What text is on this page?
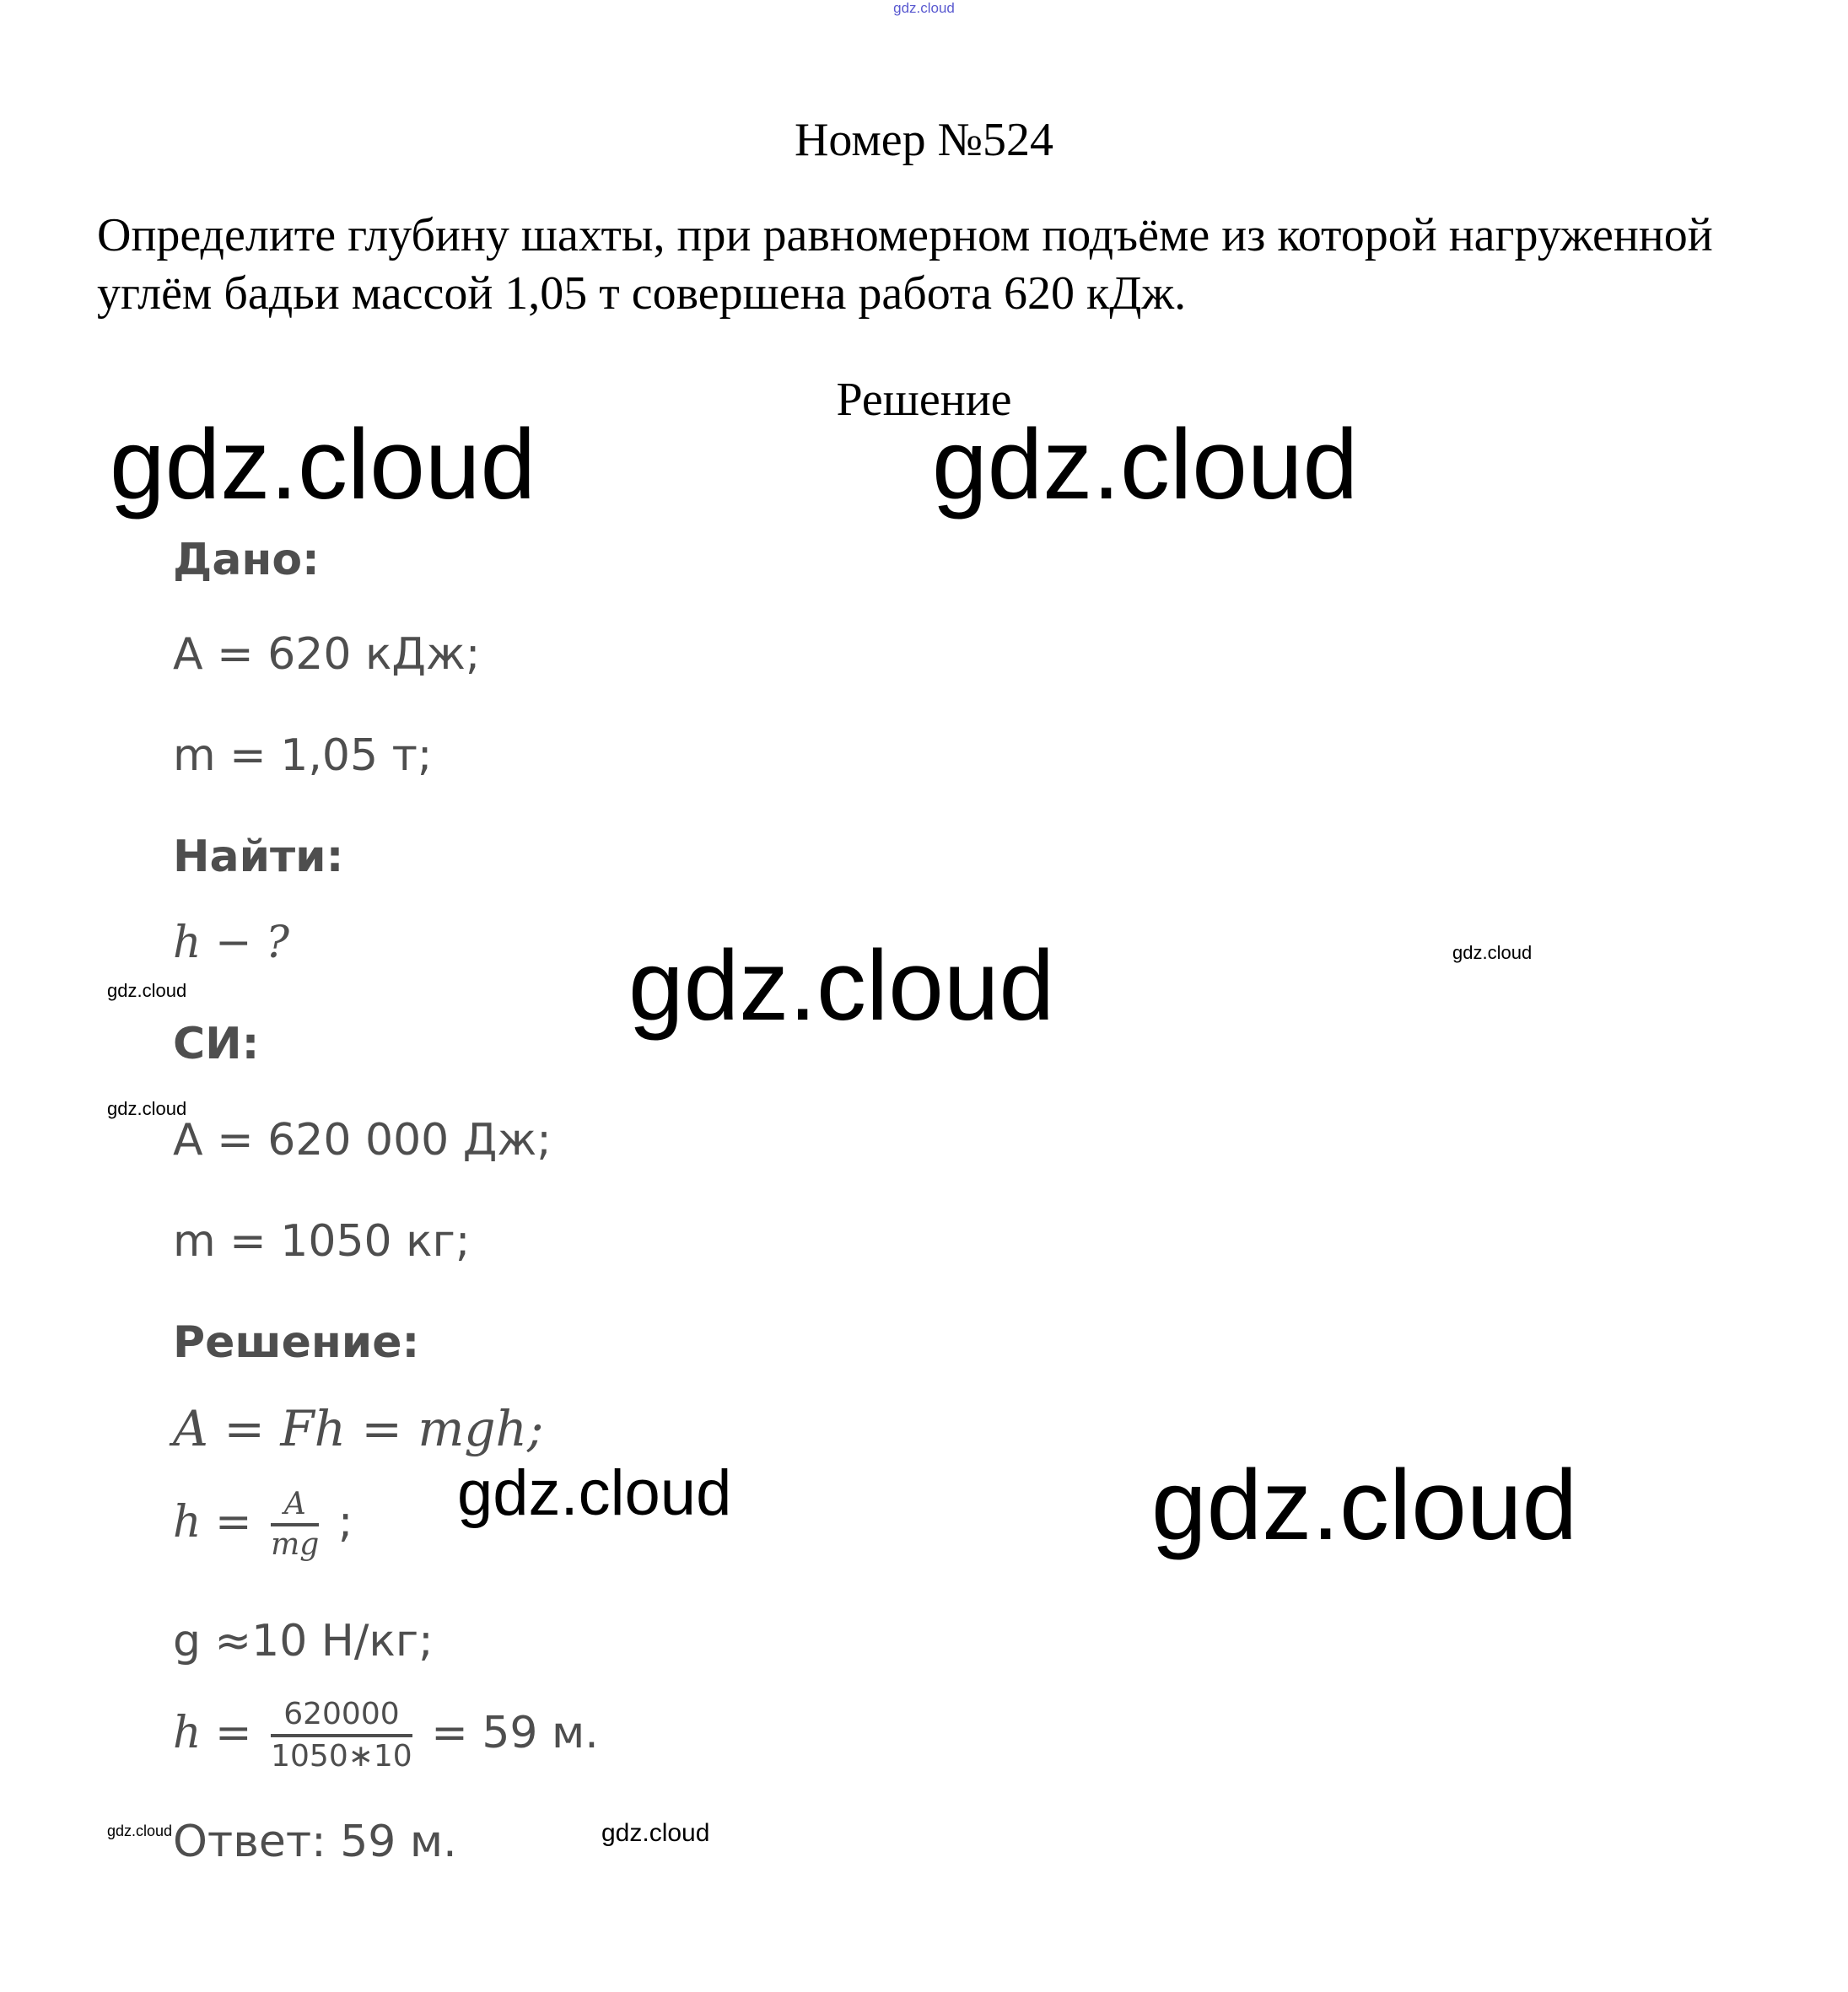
gdz.cloud
Номер №524
Определите глубину шахты, при равномерном подъёме из которой нагруженной углём бадьи массой 1,05 т совершена работа 620 кДж.
Решение
Дано:
A = 620 кДж;
m = 1,05 т;
Найти:
h − ?
СИ:
A = 620 000 Дж;
m = 1050 кг;
Решение:
A = Fh = mgh;
$h = \frac{A}{mg}$ ;
g ≈10 Н/кг;
$h = \frac{620000}{1050∗10} = 59$ м.
Ответ: 59 м.
gdz.cloud	gdz.cloud
gdz.cloud
gdz.cloud
gdz.cloud
gdz.cloud
gdz.cloud
gdz.cloud
gdz.cloud
gdz.cloud
